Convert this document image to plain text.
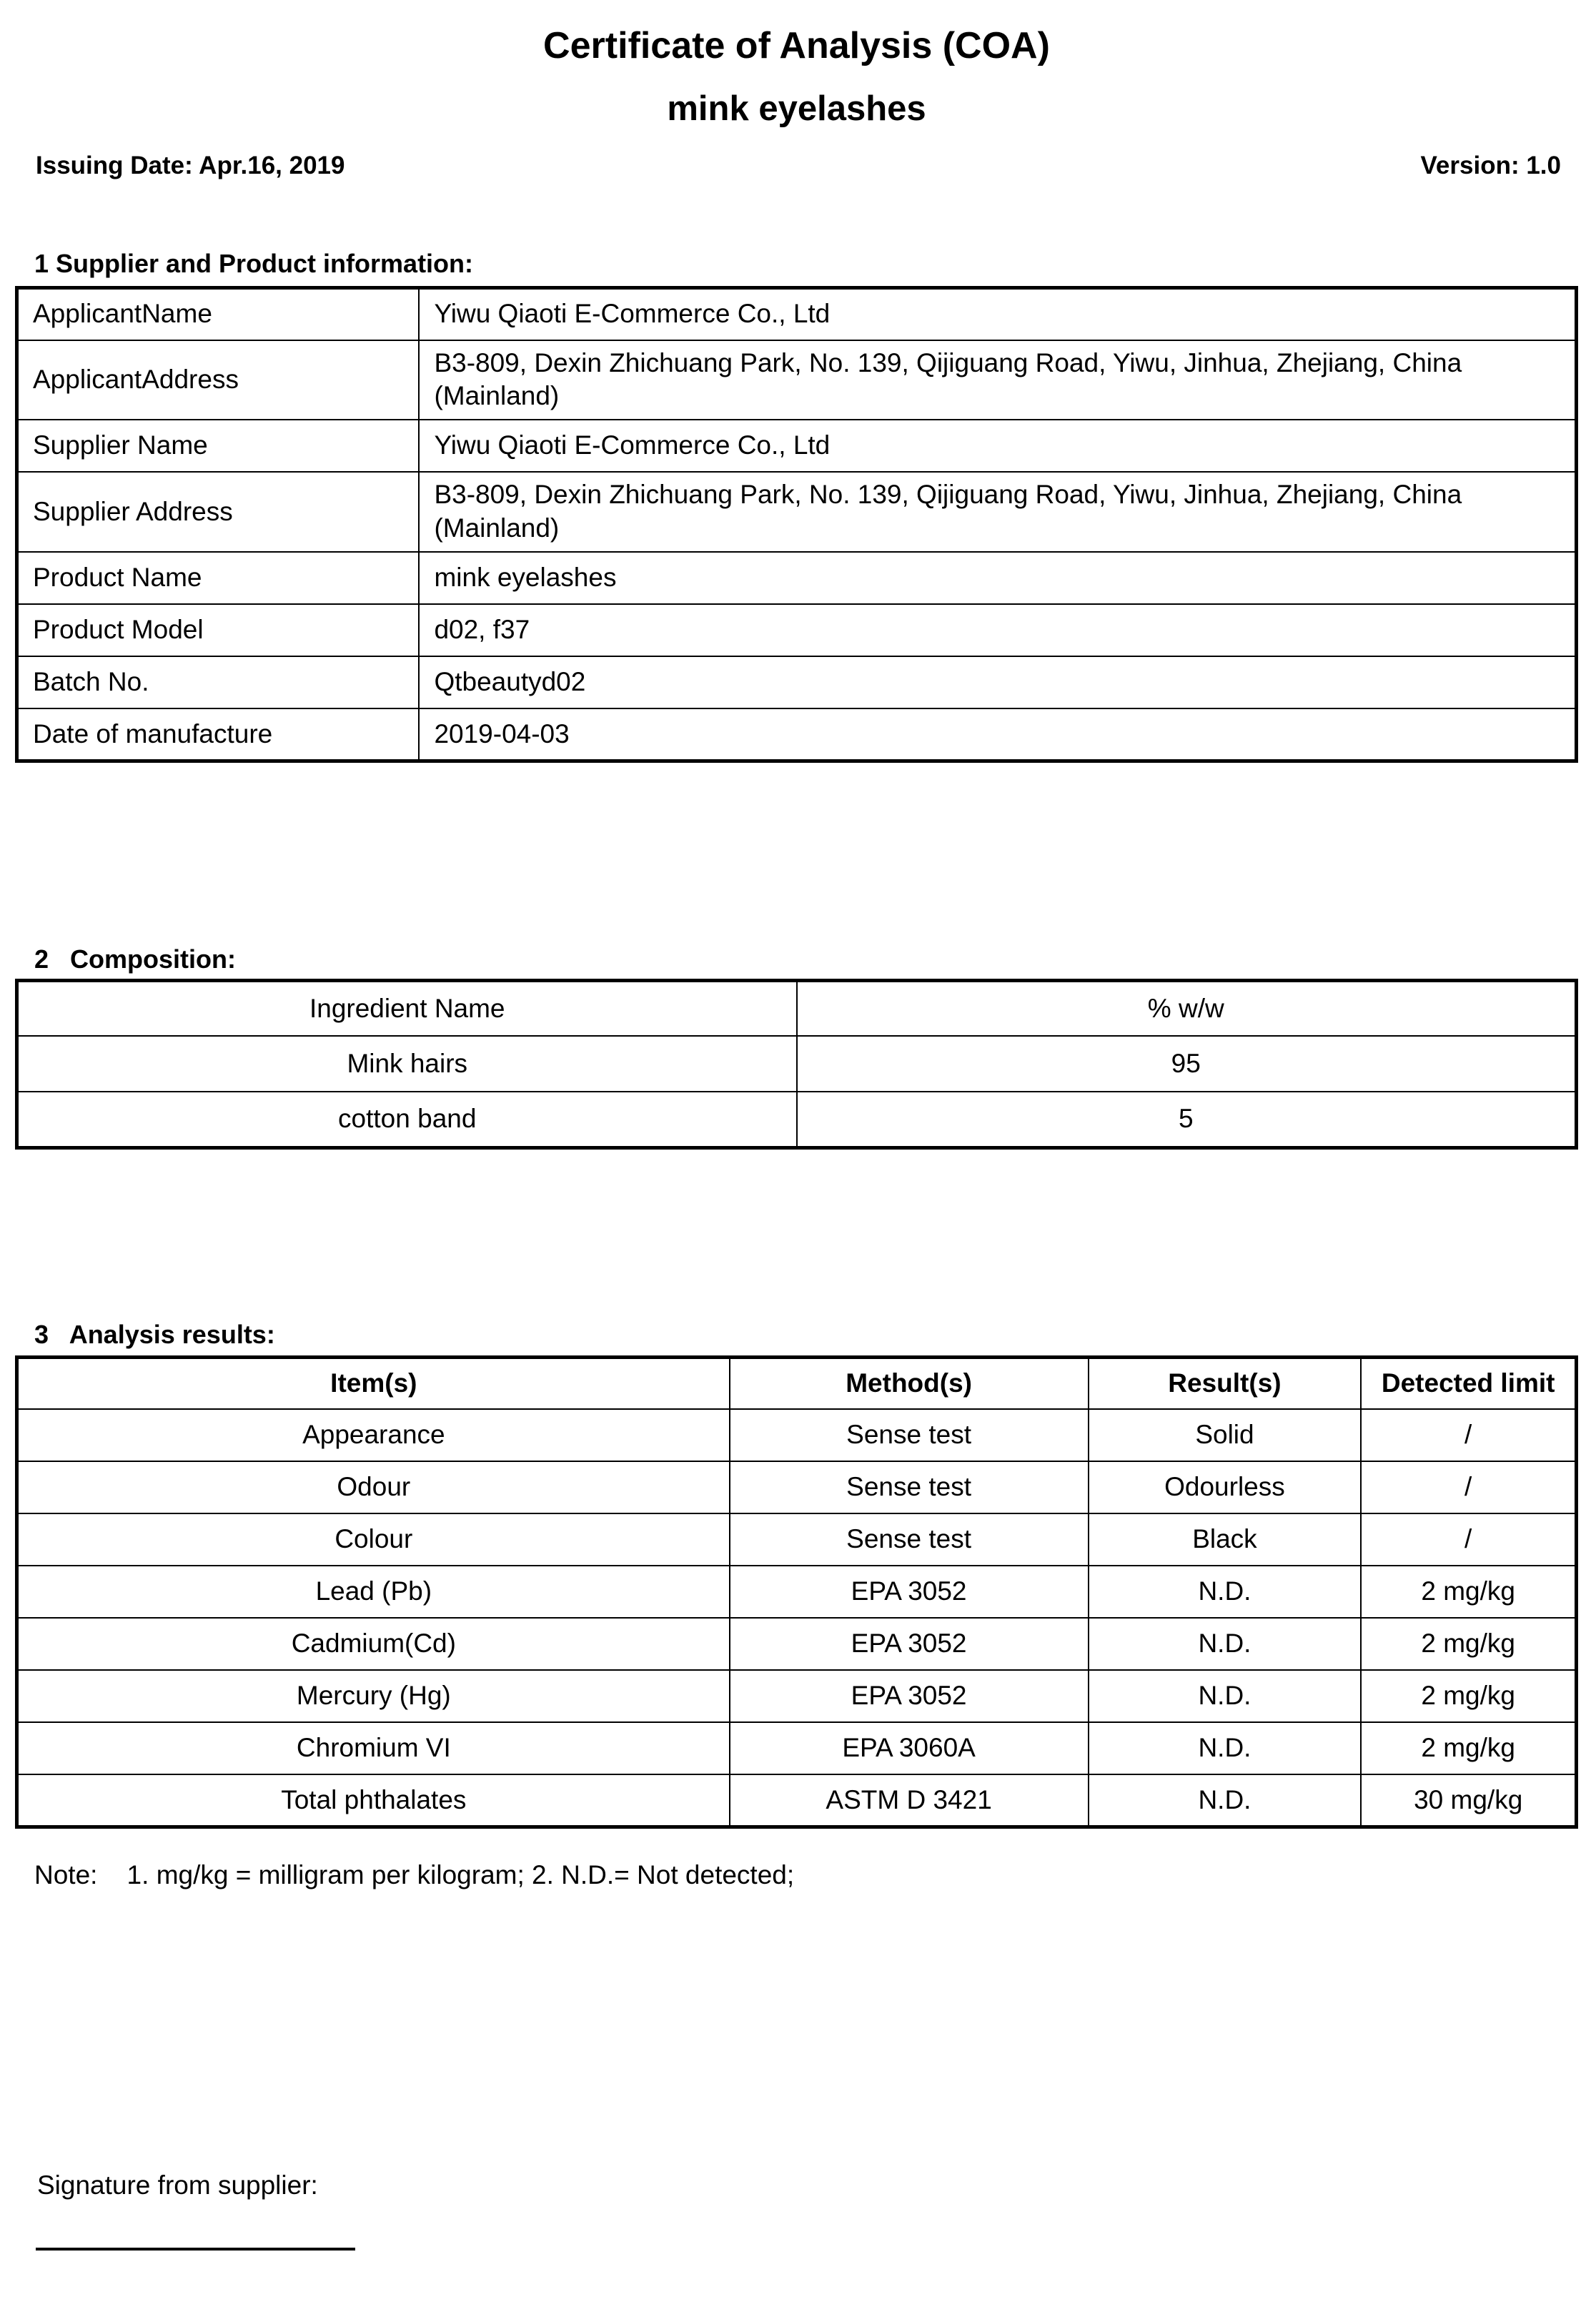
Certificate of Analysis (COA)
mink eyelashes
Issuing Date: Apr.16, 2019	Version: 1.0
1 Supplier and Product information:
ApplicantName	Yiwu Qiaoti E-Commerce Co., Ltd
ApplicantAddress	B3-809, Dexin Zhichuang Park, No. 139, Qijiguang Road, Yiwu, Jinhua, Zhejiang, China (Mainland)
Supplier Name	Yiwu Qiaoti E-Commerce Co., Ltd
Supplier Address	B3-809, Dexin Zhichuang Park, No. 139, Qijiguang Road, Yiwu, Jinhua, Zhejiang, China (Mainland)
Product Name	mink eyelashes
Product Model	d02, f37
Batch No.	Qtbeautyd02
Date of manufacture	2019-04-03
2   Composition:
Ingredient Name	% w/w
Mink hairs	95
cotton band	5
3   Analysis results:
Item(s)	Method(s)	Result(s)	Detected limit
Appearance	Sense test	Solid	/
Odour	Sense test	Odourless	/
Colour	Sense test	Black	/
Lead (Pb)	EPA 3052	N.D.	2 mg/kg
Cadmium(Cd)	EPA 3052	N.D.	2 mg/kg
Mercury (Hg)	EPA 3052	N.D.	2 mg/kg
Chromium VI	EPA 3060A	N.D.	2 mg/kg
Total phthalates	ASTM D 3421	N.D.	30 mg/kg
Note:    1. mg/kg = milligram per kilogram; 2. N.D.= Not detected;
Signature from supplier:
